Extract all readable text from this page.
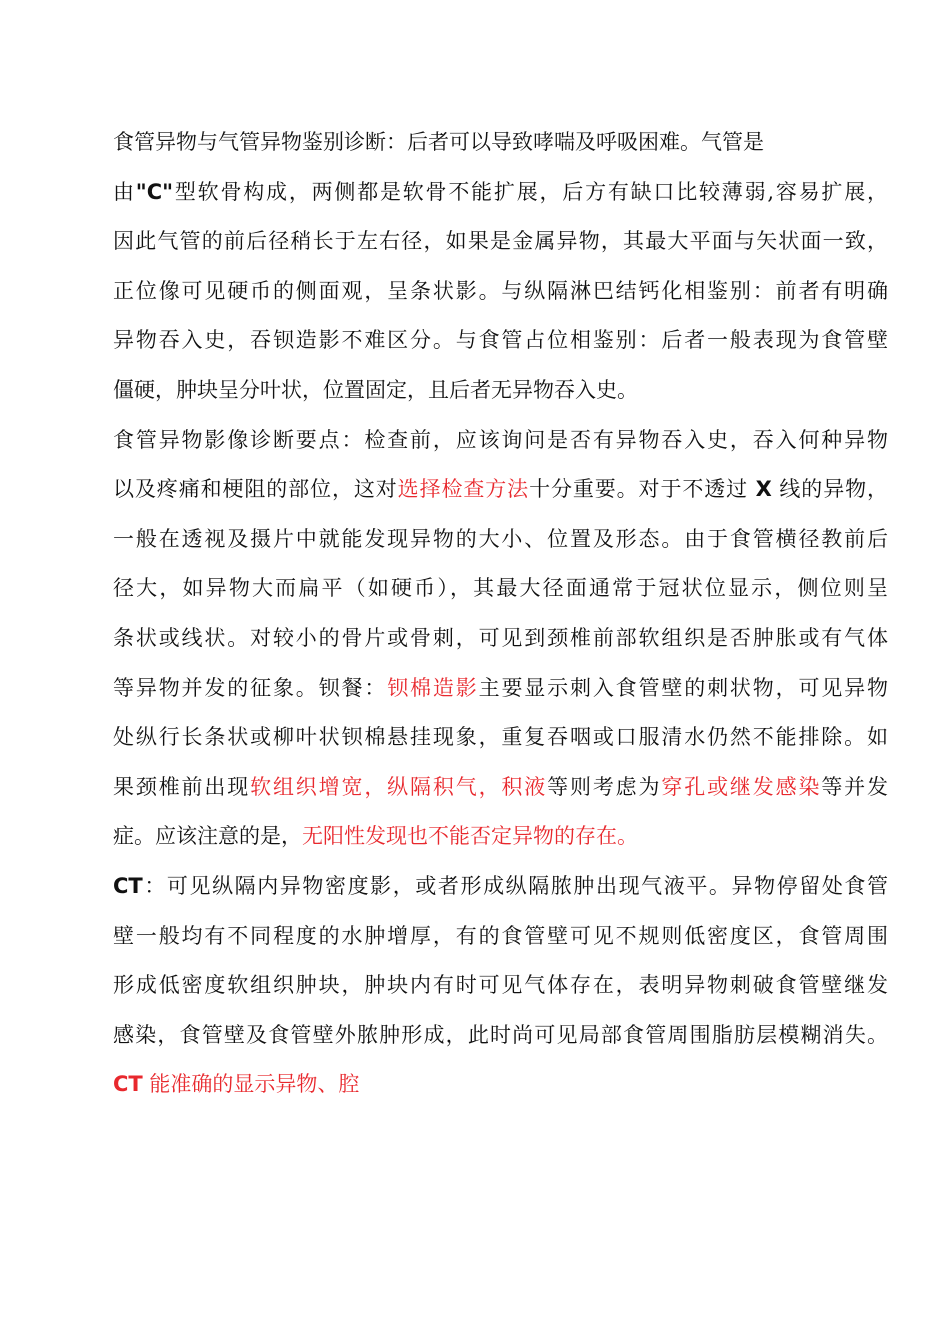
食管异物与气管异物鉴别诊断：后者可以导致哮喘及呼吸困难。气管是
由"C"型软骨构成，两侧都是软骨不能扩展，后方有缺口比较薄弱,容易扩展，
因此气管的前后径稍长于左右径，如果是金属异物，其最大平面与矢状面一致，
正位像可见硬币的侧面观，呈条状影。与纵隔淋巴结钙化相鉴别：前者有明确
异物吞入史，吞钡造影不难区分。与食管占位相鉴别：后者一般表现为食管壁
僵硬，肿块呈分叶状，位置固定，且后者无异物吞入史。
食管异物影像诊断要点：检查前，应该询问是否有异物吞入史，吞入何种异物
以及疼痛和梗阻的部位，这对选择检查方法十分重要。对于不透过 X 线的异物，
一般在透视及摄片中就能发现异物的大小、位置及形态。由于食管横径教前后
径大，如异物大而扁平（如硬币），其最大径面通常于冠状位显示，侧位则呈
条状或线状。对较小的骨片或骨刺，可见到颈椎前部软组织是否肿胀或有气体
等异物并发的征象。钡餐：钡棉造影主要显示刺入食管壁的刺状物，可见异物
处纵行长条状或柳叶状钡棉悬挂现象，重复吞咽或口服清水仍然不能排除。如
果颈椎前出现软组织增宽，纵隔积气，积液等则考虑为穿孔或继发感染等并发
症。应该注意的是，无阳性发现也不能否定异物的存在。
CT：可见纵隔内异物密度影，或者形成纵隔脓肿出现气液平。异物停留处食管
壁一般均有不同程度的水肿增厚，有的食管壁可见不规则低密度区，食管周围
形成低密度软组织肿块，肿块内有时可见气体存在，表明异物刺破食管壁继发
感染，食管壁及食管壁外脓肿形成，此时尚可见局部食管周围脂肪层模糊消失。
CT 能准确的显示异物、腔
